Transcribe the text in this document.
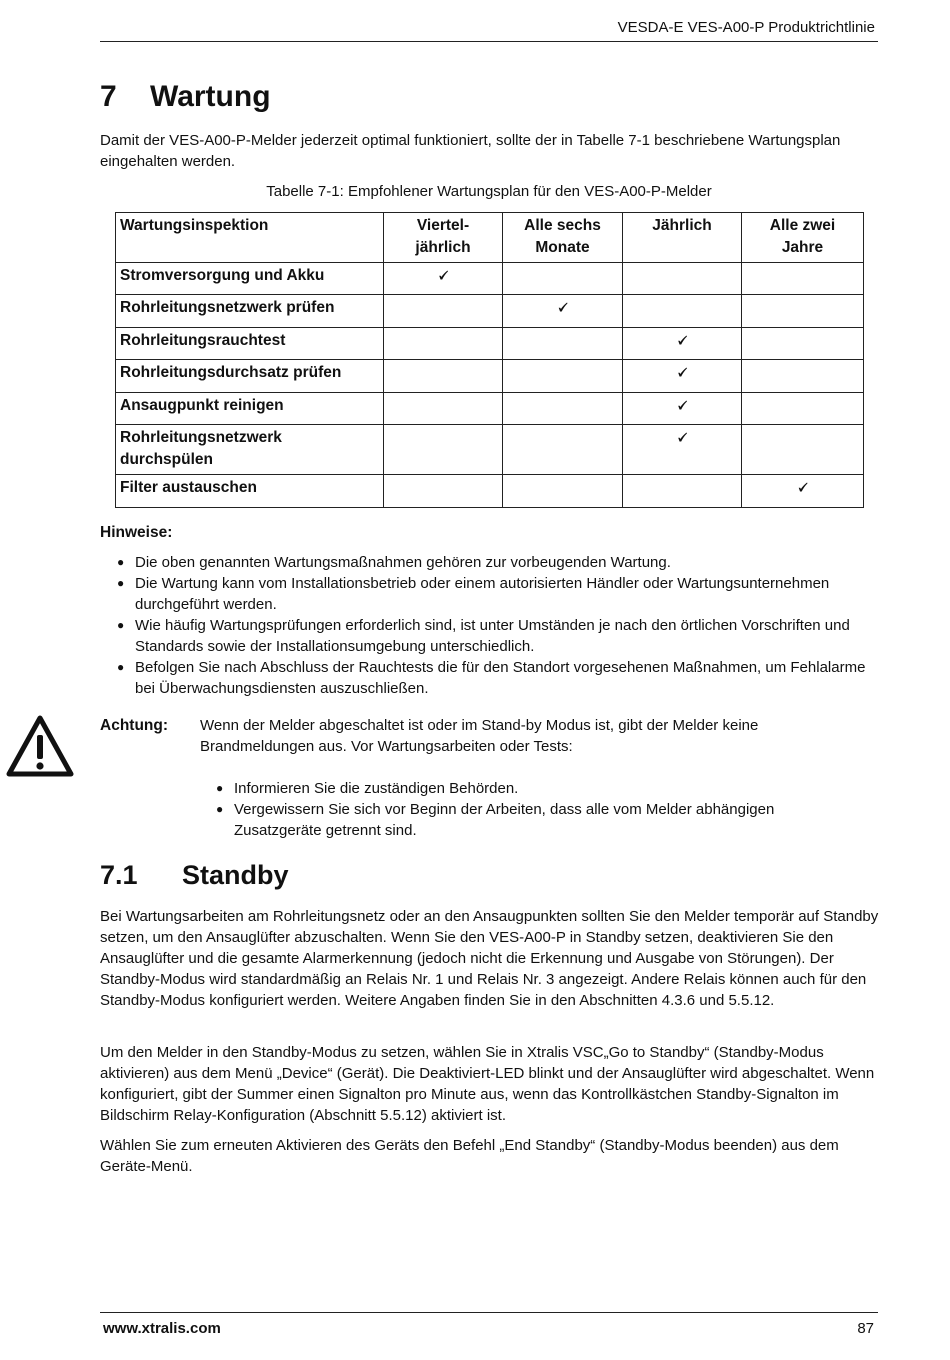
VESDA-E VES-A00-P Produktrichtlinie
7 Wartung
Damit der VES-A00-P-Melder jederzeit optimal funktioniert, sollte der in Tabelle 7-1 beschriebene Wartungsplan eingehalten werden.
Tabelle 7-1: Empfohlener Wartungsplan für den VES-A00-P-Melder
Wartungsinspektion	Viertel-jährlich	Alle sechs Monate	Jährlich	Alle zwei Jahre
Stromversorgung und Akku	🗸			
Rohrleitungsnetzwerk prüfen		🗸		
Rohrleitungsrauchtest			🗸	
Rohrleitungsdurchsatz prüfen			🗸	
Ansaugpunkt reinigen			🗸	
Rohrleitungsnetzwerk durchspülen			🗸	
Filter austauschen				🗸
Hinweise:
● Die oben genannten Wartungsmaßnahmen gehören zur vorbeugenden Wartung.
● Die Wartung kann vom Installationsbetrieb oder einem autorisierten Händler oder Wartungsunternehmen durchgeführt werden.
● Wie häufig Wartungsprüfungen erforderlich sind, ist unter Umständen je nach den örtlichen Vorschriften und Standards sowie der Installationsumgebung unterschiedlich.
● Befolgen Sie nach Abschluss der Rauchtests die für den Standort vorgesehenen Maßnahmen, um Fehlalarme bei Überwachungsdiensten auszuschließen.
Achtung: Wenn der Melder abgeschaltet ist oder im Stand-by Modus ist, gibt der Melder keine Brandmeldungen aus. Vor Wartungsarbeiten oder Tests:
● Informieren Sie die zuständigen Behörden.
● Vergewissern Sie sich vor Beginn der Arbeiten, dass alle vom Melder abhängigen Zusatzgeräte getrennt sind.
7.1 Standby
Bei Wartungsarbeiten am Rohrleitungsnetz oder an den Ansaugpunkten sollten Sie den Melder temporär auf Standby setzen, um den Ansauglüfter abzuschalten. Wenn Sie den VES-A00-P in Standby setzen, deaktivieren Sie den Ansauglüfter und die gesamte Alarmerkennung (jedoch nicht die Erkennung und Ausgabe von Störungen). Der Standby-Modus wird standardmäßig an Relais Nr. 1 und Relais Nr. 3 angezeigt. Andere Relais können auch für den Standby-Modus konfiguriert werden. Weitere Angaben finden Sie in den Abschnitten 4.3.6 und 5.5.12.
Um den Melder in den Standby-Modus zu setzen, wählen Sie in Xtralis VSC„Go to Standby“ (Standby-Modus aktivieren) aus dem Menü „Device“ (Gerät). Die Deaktiviert-LED blinkt und der Ansauglüfter wird abgeschaltet. Wenn konfiguriert, gibt der Summer einen Signalton pro Minute aus, wenn das Kontrollkästchen Standby-Signalton im Bildschirm Relay-Konfiguration (Abschnitt 5.5.12) aktiviert ist.
Wählen Sie zum erneuten Aktivieren des Geräts den Befehl „End Standby“ (Standby-Modus beenden) aus dem Geräte-Menü.
www.xtralis.com	87
